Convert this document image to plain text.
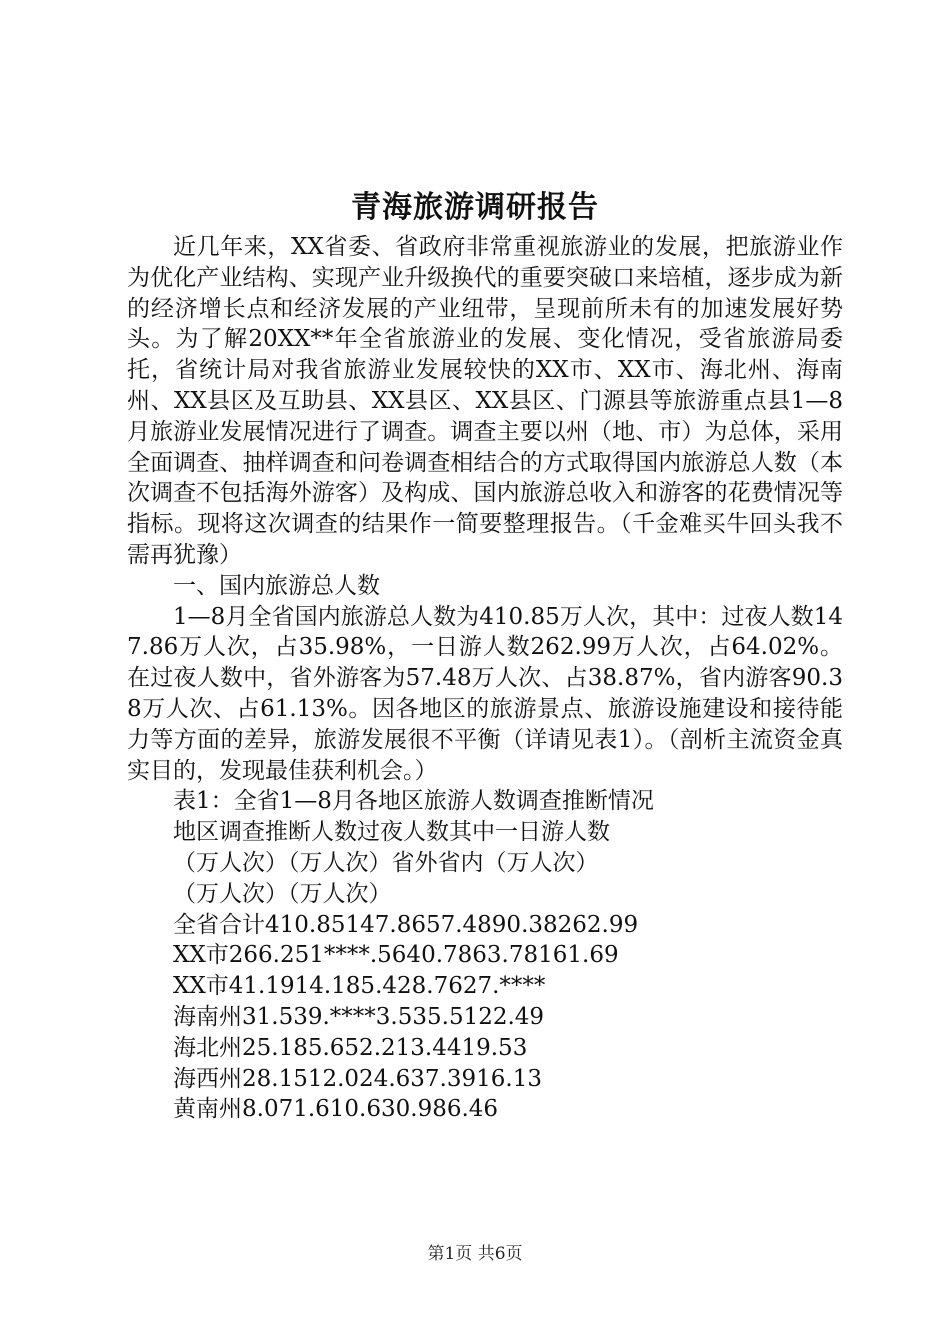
青海旅游调研报告

近几年来，XX省委、省政府非常重视旅游业的发展，把旅游业作为优化产业结构、实现产业升级换代的重要突破口来培植，逐步成为新的经济增长点和经济发展的产业纽带，呈现前所未有的加速发展好势头。为了解20XX**年全省旅游业的发展、变化情况，受省旅游局委托，省统计局对我省旅游业发展较快的XX市、XX市、海北州、海南州、XX县区及互助县、XX县区、XX县区、门源县等旅游重点县1—8月旅游业发展情况进行了调查。调查主要以州（地、市）为总体，采用全面调查、抽样调查和问卷调查相结合的方式取得国内旅游总人数（本次调查不包括海外游客）及构成、国内旅游总收入和游客的花费情况等指标。现将这次调查的结果作一简要整理报告。（千金难买牛回头我不需再犹豫）

一、国内旅游总人数

1—8月全省国内旅游总人数为410.85万人次，其中：过夜人数147.86万人次，占35.98%，一日游人数262.99万人次，占64.02%。在过夜人数中，省外游客为57.48万人次、占38.87%，省内游客90.38万人次、占61.13%。因各地区的旅游景点、旅游设施建设和接待能力等方面的差异，旅游发展很不平衡（详请见表1）。（剖析主流资金真实目的，发现最佳获利机会。）

表1：全省1—8月各地区旅游人数调查推断情况

地区调查推断人数过夜人数其中一日游人数

（万人次）（万人次）省外省内（万人次）

（万人次）（万人次）

全省合计410.85147.8657.4890.38262.99

XX市266.251****.5640.7863.78161.69

XX市41.1914.185.428.7627.****

海南州31.539.****3.535.5122.49

海北州25.185.652.213.4419.53

海西州28.1512.024.637.3916.13

黄南州8.071.610.630.986.46

第1页 共6页
